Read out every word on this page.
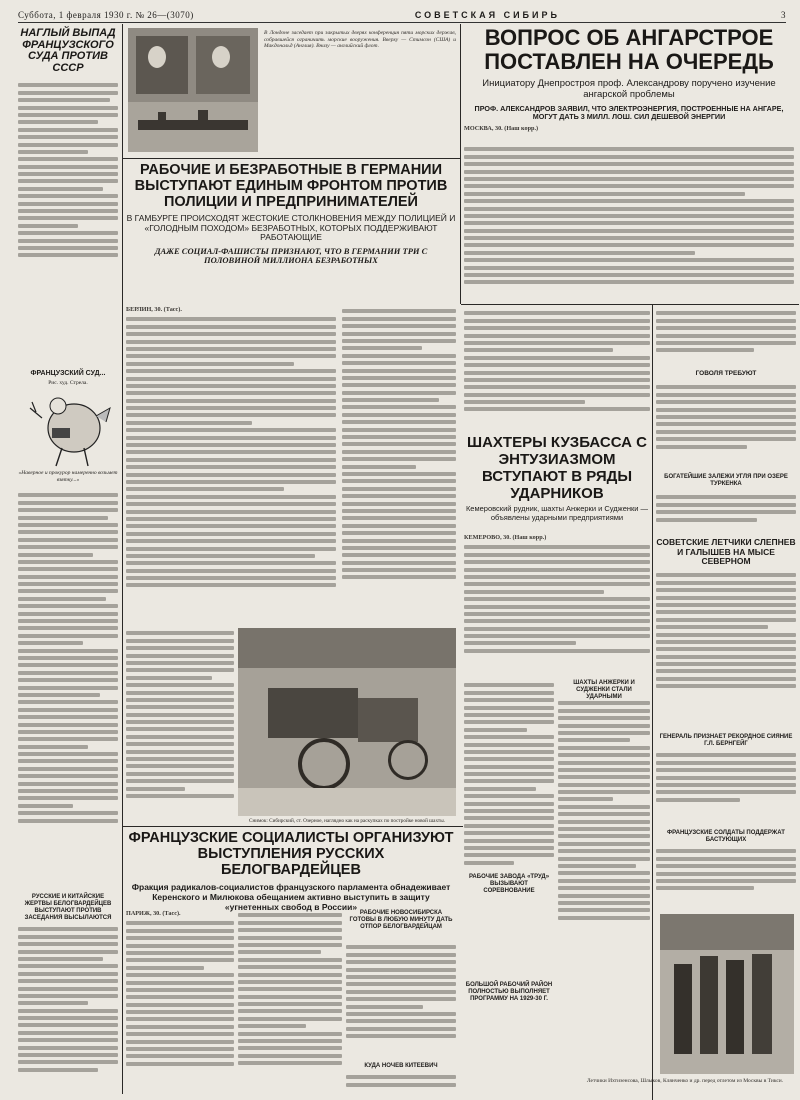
Суббота, 1 февраля 1930 г. № 26—(3070)	СОВЕТСКАЯ СИБИРЬ	3
НАГЛЫЙ ВЫПАД ФРАНЦУЗСКОГО СУДА ПРОТИВ СССР
ФРАНЦУЗСКИЙ СУД...
Рис. худ. Стрела.
«Наверное и прокурор намеренно возьмет взятку...»
РУССКИЕ И КИТАЙСКИЕ ЖЕРТВЫ БЕЛОГВАРДЕЙЦЕВ ВЫСТУПАЮТ ПРОТИВ ЗАСЕДАНИЯ ВЫСЫЛАЮТСЯ
В Лондоне заседает при закрытых дверях конференция пяти морских держав, собравшейся ограничить морские вооружения. Вверху — Стимсон (США) и Макдональд (Англия). Внизу — английский флот.
РАБОЧИЕ И БЕЗРАБОТНЫЕ В ГЕРМАНИИ ВЫСТУПАЮТ ЕДИНЫМ ФРОНТОМ ПРОТИВ ПОЛИЦИИ И ПРЕДПРИНИМАТЕЛЕЙ
В ГАМБУРГЕ ПРОИСХОДЯТ ЖЕСТОКИЕ СТОЛКНОВЕНИЯ МЕЖДУ ПОЛИЦИЕЙ И «ГОЛОДНЫМ ПОХОДОМ» БЕЗРАБОТНЫХ, КОТОРЫХ ПОДДЕРЖИВАЮТ РАБОТАЮЩИЕ
ДАЖЕ СОЦИАЛ-ФАШИСТЫ ПРИЗНАЮТ, ЧТО В ГЕРМАНИИ ТРИ С ПОЛОВИНОЙ МИЛЛИОНА БЕЗРАБОТНЫХ
БЕРЛИН, 30. (Тасс).
ВОПРОС ОБ АНГАРСТРОЕ ПОСТАВЛЕН НА ОЧЕРЕДЬ
Инициатору Днепростроя проф. Александрову поручено изучение ангарской проблемы
ПРОФ. АЛЕКСАНДРОВ ЗАЯВИЛ, ЧТО ЭЛЕКТРОЭНЕРГИЯ, ПОСТРОЕННЫЕ НА АНГАРЕ, МОГУТ ДАТЬ 3 МИЛЛ. ЛОШ. СИЛ ДЕШЕВОЙ ЭНЕРГИИ
МОСКВА, 30. (Наш корр.)
ШАХТЕРЫ КУЗБАССА С ЭНТУЗИАЗМОМ ВСТУПАЮТ В РЯДЫ УДАРНИКОВ
Кемеровский рудник, шахты Анжерки и Судженки — объявлены ударными предприятиями
КЕМЕРОВО, 30. (Наш корр.)
РАБОЧИЕ ЗАВОДА «ТРУД» ВЫЗЫВАЮТ СОРЕВНОВАНИЕ
БОЛЬШОЙ РАБОЧИЙ РАЙОН ПОЛНОСТЬЮ ВЫПОЛНЯЕТ ПРОГРАММУ НА 1929-30 Г.
ШАХТЫ АНЖЕРКИ И СУДЖЕНКИ СТАЛИ УДАРНЫМИ
ГОВОЛЯ ТРЕБУЮТ
БОГАТЕЙШИЕ ЗАЛЕЖИ УГЛЯ ПРИ ОЗЕРЕ ТУРКЕНКА
СОВЕТСКИЕ ЛЕТЧИКИ СЛЕПНЕВ И ГАЛЫШЕВ НА МЫСЕ СЕВЕРНОМ
ГЕНЕРАЛЬ ПРИЗНАЕТ РЕКОРДНОЕ СИЯНИЕ Г.Л. БЕРНГЕЙГ
ФРАНЦУЗСКИЕ СОЛДАТЫ ПОДДЕРЖАТ БАСТУЮЩИХ
Летчики Ихтизенсова, Шлыков, Клянченко и др. перед отлетом из Москвы в Тикси.
Снимок: Сибирский, ст. Озерное, наглядно как на раскупках по постройке новой шахты.
ФРАНЦУЗСКИЕ СОЦИАЛИСТЫ ОРГАНИЗУЮТ ВЫСТУПЛЕНИЯ РУССКИХ БЕЛОГВАРДЕЙЦЕВ
Фракция радикалов-социалистов французского парламента обнадеживает Керенского и Милюкова обещанием активно выступить в защиту «угнетенных свобод в России»
ПАРИЖ, 30. (Тасс).	РАБОЧИЕ НОВОСИБИРСКА ГОТОВЫ В ЛЮБУЮ МИНУТУ ДАТЬ ОТПОР БЕЛОГВАРДЕЙЦАМ
КУДА НОЧЕВ КИТЕЕВИЧ
